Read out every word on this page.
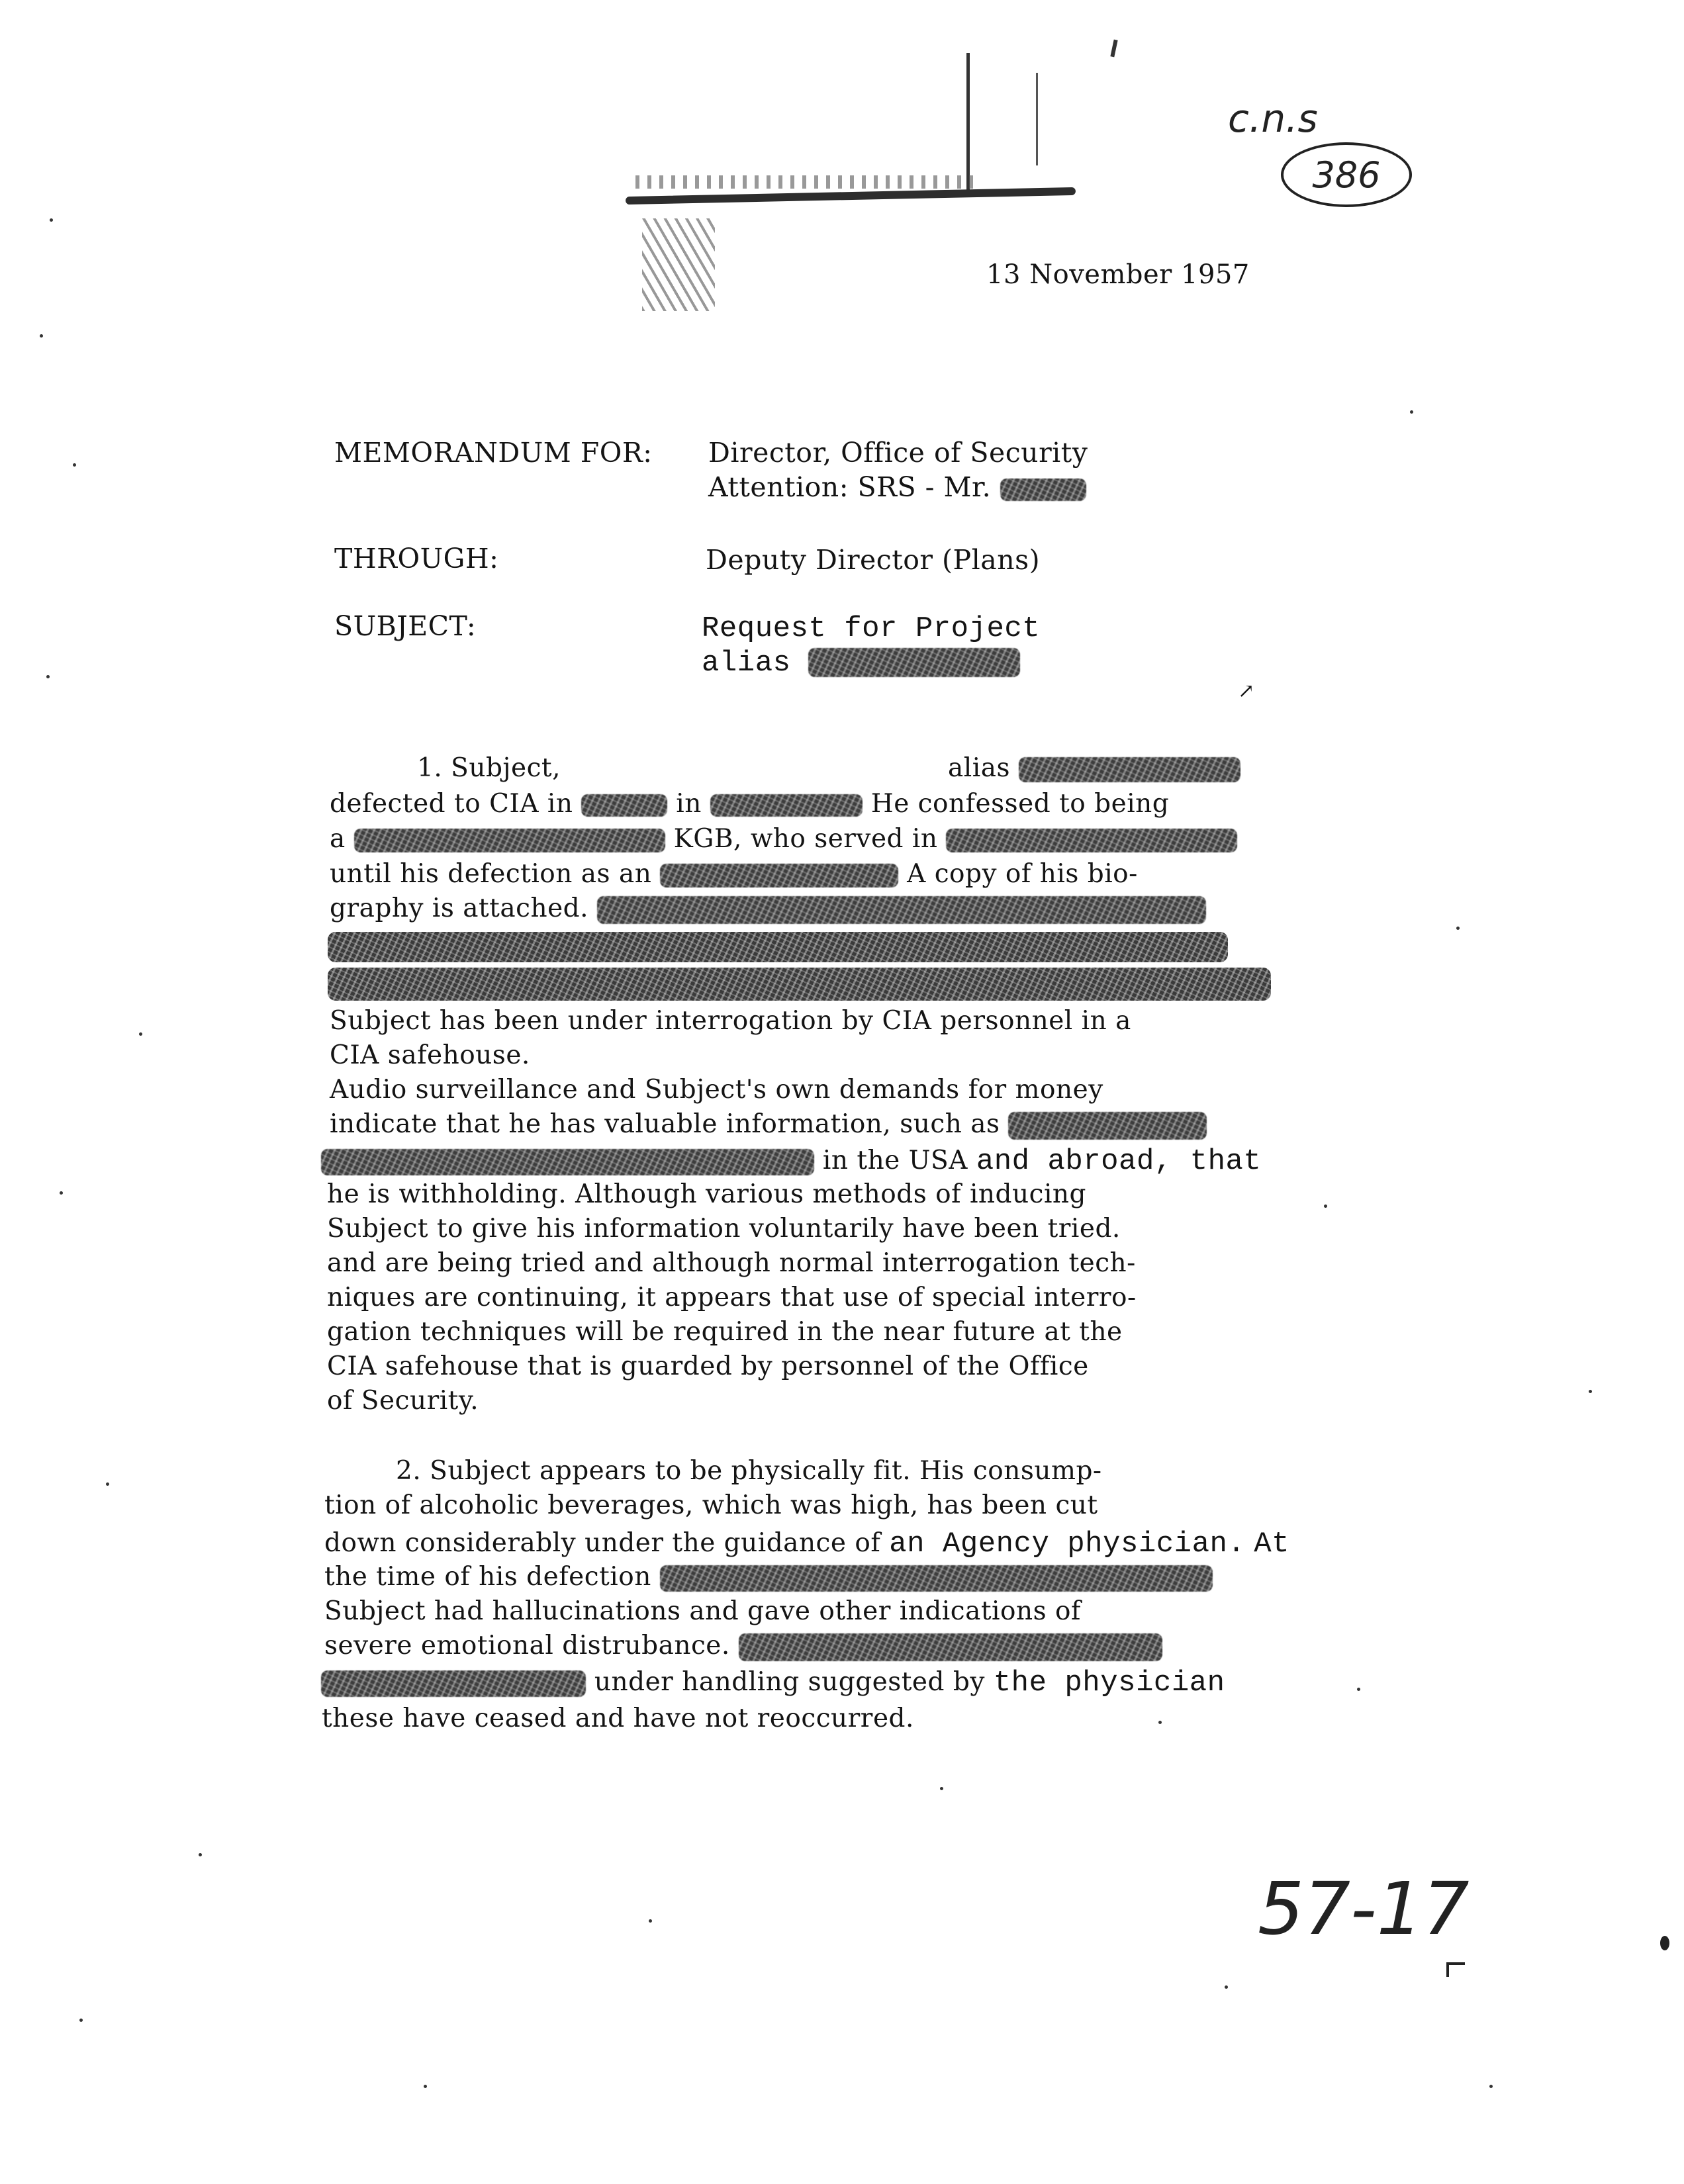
↗
c.n.s
386
13 November 1957
MEMORANDUM FOR: Director, Office of Security
Attention: SRS - Mr.
THROUGH:	Deputy Director (Plans)
SUBJECT:	Request for Project
alias
1. Subject,	alias
defected to CIA in	in	He confessed to being
a	KGB, who served in
until his defection as an	A copy of his bio-
graphy is attached.
Subject has been under interrogation by CIA personnel in a
CIA safehouse.
Audio surveillance and Subject's own demands for money
indicate that he has valuable information, such as
in the USA and abroad, that
he is withholding. Although various methods of inducing
Subject to give his information voluntarily have been tried.
and are being tried and although normal interrogation tech-
niques are continuing, it appears that use of special interro-
gation techniques will be required in the near future at the
CIA safehouse that is guarded by personnel of the Office
of Security.
2. Subject appears to be physically fit. His consump-
tion of alcoholic beverages, which was high, has been cut
down considerably under the guidance of an Agency physician. At
the time of his defection
Subject had hallucinations and gave other indications of
severe emotional distrubance.
under handling suggested by the physician
these have ceased and have not reoccurred.
57-17
